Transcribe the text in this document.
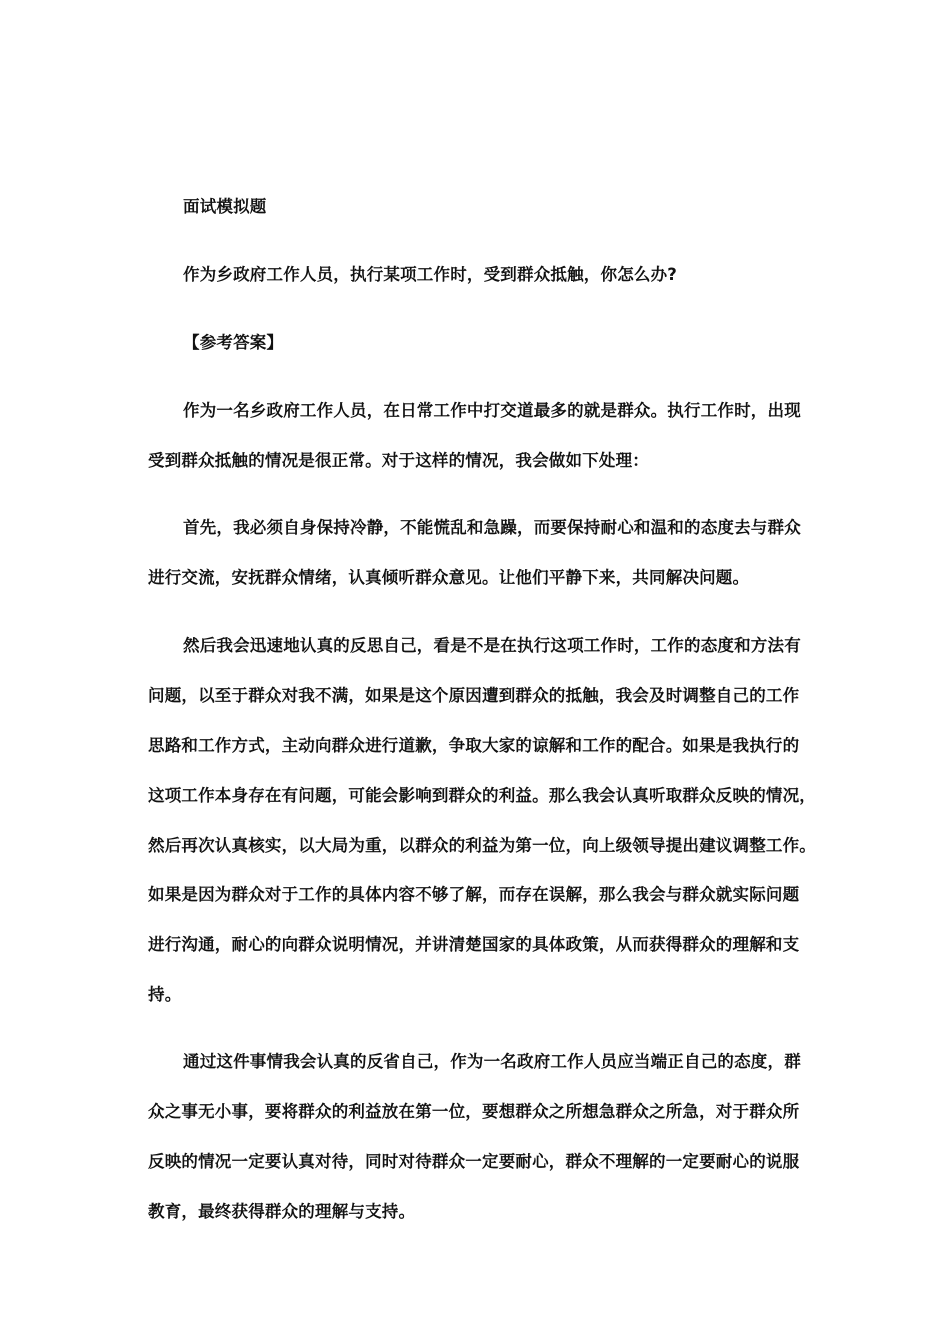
面试模拟题
作为乡政府工作人员，执行某项工作时，受到群众抵触，你怎么办?
【参考答案】
作为一名乡政府工作人员，在日常工作中打交道最多的就是群众。执行工作时，出现
受到群众抵触的情况是很正常。对于这样的情况，我会做如下处理：
首先，我必须自身保持冷静，不能慌乱和急躁，而要保持耐心和温和的态度去与群众
进行交流，安抚群众情绪，认真倾听群众意见。让他们平静下来，共同解决问题。
然后我会迅速地认真的反思自己，看是不是在执行这项工作时，工作的态度和方法有
问题，以至于群众对我不满，如果是这个原因遭到群众的抵触，我会及时调整自己的工作
思路和工作方式，主动向群众进行道歉，争取大家的谅解和工作的配合。如果是我执行的
这项工作本身存在有问题，可能会影响到群众的利益。那么我会认真听取群众反映的情况，
然后再次认真核实，以大局为重，以群众的利益为第一位，向上级领导提出建议调整工作。
如果是因为群众对于工作的具体内容不够了解，而存在误解，那么我会与群众就实际问题
进行沟通，耐心的向群众说明情况，并讲清楚国家的具体政策，从而获得群众的理解和支
持。
通过这件事情我会认真的反省自己，作为一名政府工作人员应当端正自己的态度，群
众之事无小事，要将群众的利益放在第一位，要想群众之所想急群众之所急，对于群众所
反映的情况一定要认真对待，同时对待群众一定要耐心，群众不理解的一定要耐心的说服
教育，最终获得群众的理解与支持。
